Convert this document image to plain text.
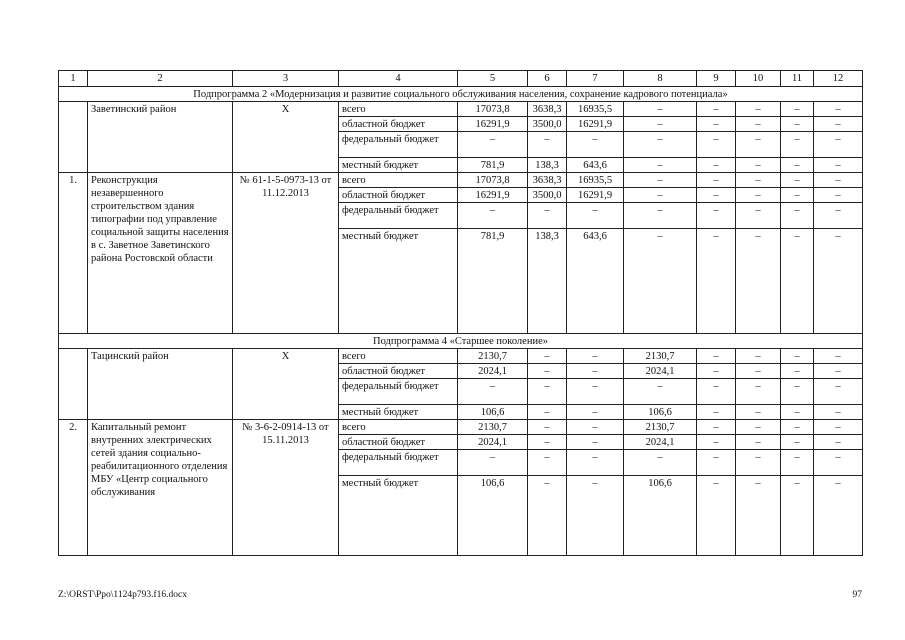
1	2	3	4	5	6	7	8	9	10	11	12
Подпрограмма 2 «Модернизация и развитие социального обслуживания населения, сохранение кадрового потенциала»											
	Заветинский район	Х	всего	17073,8	3638,3	16935,5	–	–	–	–	–
			областной бюджет	16291,9	3500,0	16291,9	–	–	–	–	–
			федеральный бюджет	–	–	–	–	–	–	–	–
			местный бюджет	781,9	138,3	643,6	–	–	–	–	–
1.	Реконструкция незавершенного строительством здания типографии под управление социальной защиты населения в с. Заветное Заветинского района Ростовской области	№ 61-1-5-0973-13 от 11.12.2013	всего	17073,8	3638,3	16935,5	–	–	–	–	–
			областной бюджет	16291,9	3500,0	16291,9	–	–	–	–	–
			федеральный бюджет	–	–	–	–	–	–	–	–
			местный бюджет	781,9	138,3	643,6	–	–	–	–	–
Подпрограмма 4 «Старшее поколение»											
	Тацинский район	Х	всего	2130,7	–	–	2130,7	–	–	–	–
			областной бюджет	2024,1	–	–	2024,1	–	–	–	–
			федеральный бюджет	–	–	–	–	–	–	–	–
			местный бюджет	106,6	–	–	106,6	–	–	–	–
2.	Капитальный ремонт внутренних электрических сетей здания социально-реабилитационного отделения МБУ «Центр социального обслуживания	№ 3-6-2-0914-13 от 15.11.2013	всего	2130,7	–	–	2130,7	–	–	–	–
			областной бюджет	2024,1	–	–	2024,1	–	–	–	–
			федеральный бюджет	–	–	–	–	–	–	–	–
			местный бюджет	106,6	–	–	106,6	–	–	–	–
Z:\ORST\Ppo\1124p793.f16.docx	97
